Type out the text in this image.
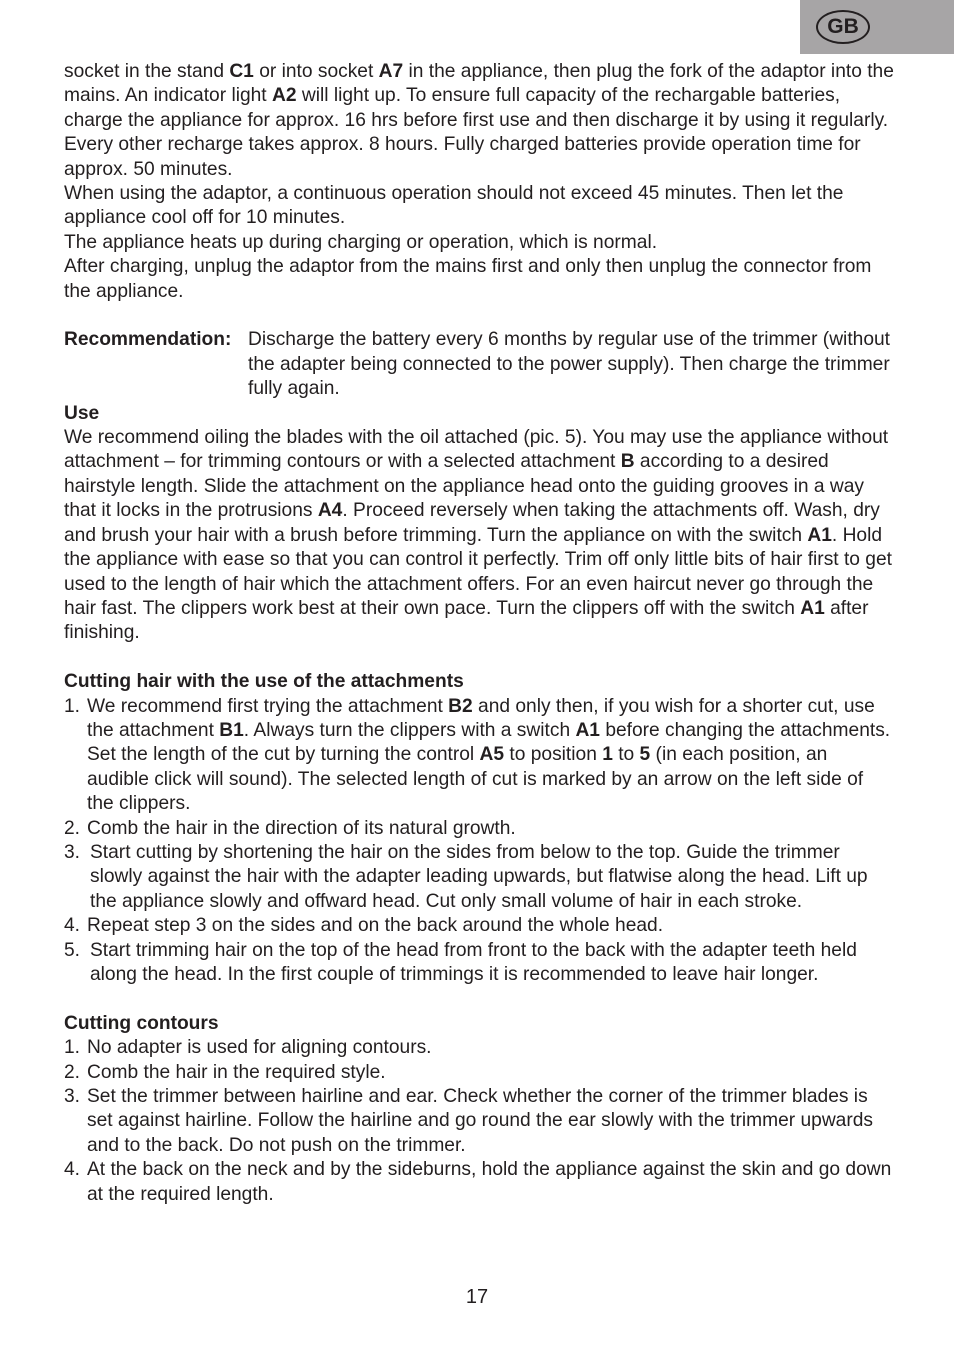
GB

socket in the stand C1 or into socket A7 in the appliance, then plug the fork of the adaptor into the mains. An indicator light A2 will light up. To ensure full capacity of the rechargable batteries, charge the appliance for approx. 16 hrs before first use and then discharge it by using it regularly. Every other recharge takes approx. 8 hours. Fully charged batteries provide operation time for approx. 50 minutes.

When using the adaptor, a continuous operation should not exceed 45 minutes. Then let the appliance cool off for 10 minutes.

The appliance heats up during charging or operation, which is normal.

After charging, unplug the adaptor from the mains first and only then unplug the connector from the appliance.

Recommendation: Discharge the battery every 6 months by regular use of the trimmer (without the adapter being connected to the power supply). Then charge the trimmer fully again.

Use

We recommend oiling the blades with the oil attached (pic. 5). You may use the appliance without attachment – for trimming contours or with a selected attachment B according to a desired hairstyle length. Slide the attachment on the appliance head onto the guiding grooves in a way that it locks in the protrusions A4. Proceed reversely when taking the attachments off. Wash, dry and brush your hair with a brush before trimming. Turn the appliance on with the switch A1. Hold the appliance with ease so that you can control it perfectly. Trim off only little bits of hair first to get used to the length of hair which the attachment offers. For an even haircut never go through the hair fast. The clippers work best at their own pace. Turn the clippers off with the switch A1 after finishing.

Cutting hair with the use of the attachments

1. We recommend first trying the attachment B2 and only then, if you wish for a shorter cut, use the attachment B1. Always turn the clippers with a switch A1 before changing the attachments. Set the length of the cut by turning the control A5 to position 1 to 5 (in each position, an audible click will sound). The selected length of cut is marked by an arrow on the left side of the clippers.
2. Comb the hair in the direction of its natural growth.
3. Start cutting by shortening the hair on the sides from below to the top. Guide the trimmer slowly against the hair with the adapter leading upwards, but flatwise along the head. Lift up the appliance slowly and offward head. Cut only small volume of hair in each stroke.
4. Repeat step 3 on the sides and on the back around the whole head.
5. Start trimming hair on the top of the head from front to the back with the adapter teeth held along the head. In the first couple of trimmings it is recommended to leave hair longer.

Cutting contours

1. No adapter is used for aligning contours.
2. Comb the hair in the required style.
3. Set the trimmer between hairline and ear. Check whether the corner of the trimmer blades is set against hairline. Follow the hairline and go round the ear slowly with the trimmer upwards and to the back. Do not push on the trimmer.
4. At the back on the neck and by the sideburns, hold the appliance against the skin and go down at the required length.
17
